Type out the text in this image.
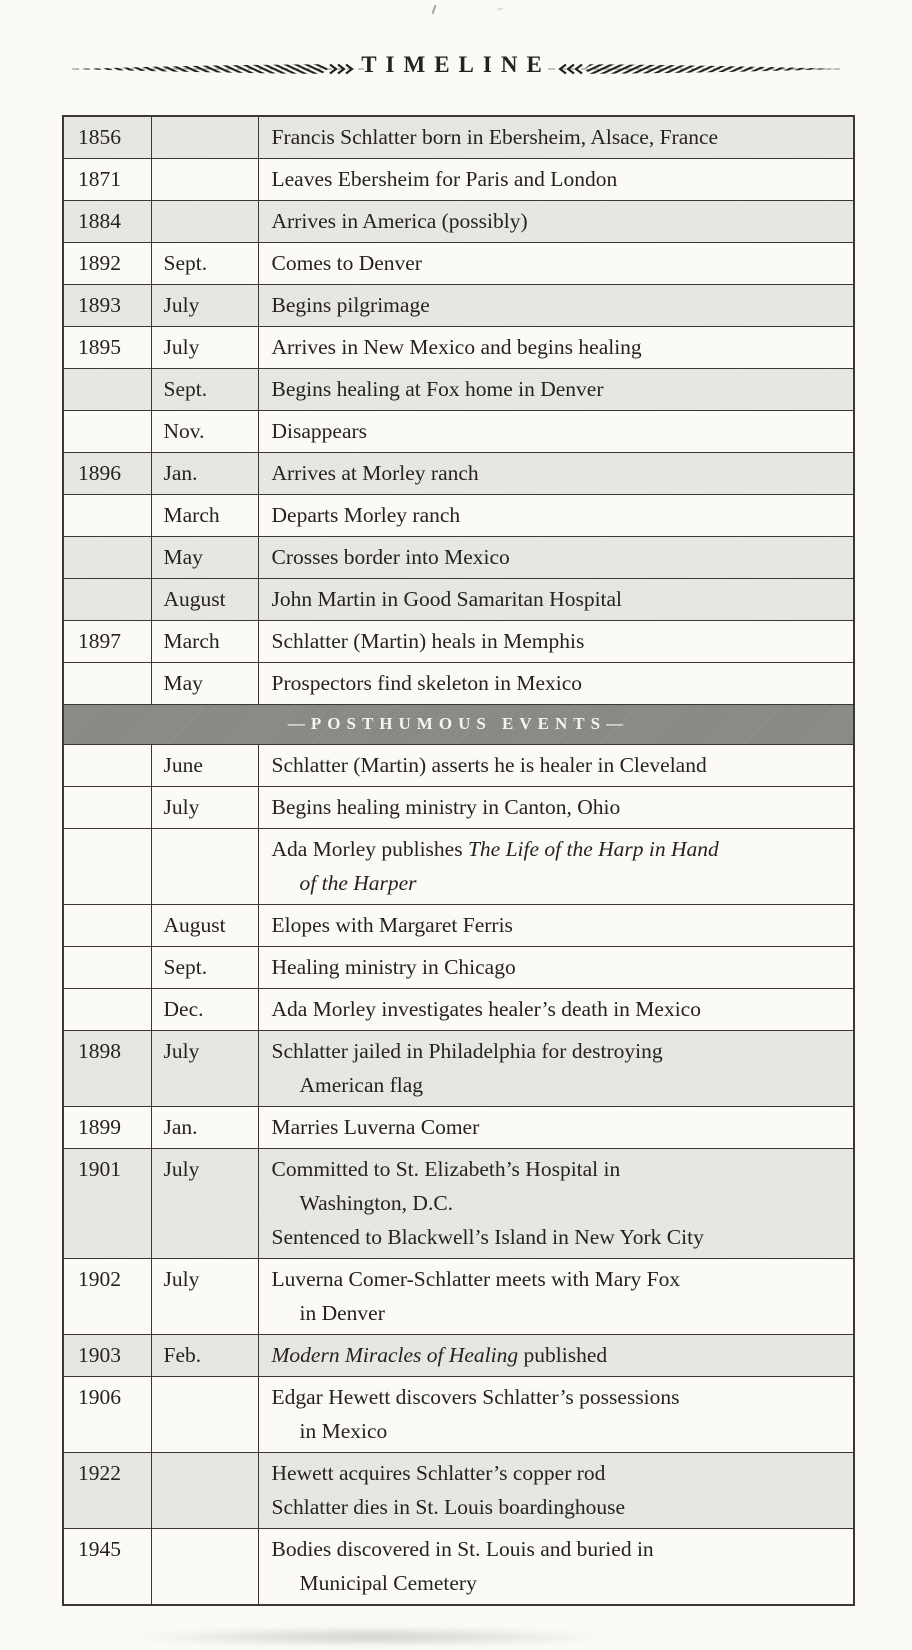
TIMELINE
1856		Francis Schlatter born in Ebersheim, Alsace, France

1871		Leaves Ebersheim for Paris and London

1884		Arrives in America (possibly)

1892	Sept.	Comes to Denver

1893	July	Begins pilgrimage

1895	July	Arrives in New Mexico and begins healing

	Sept.	Begins healing at Fox home in Denver

	Nov.	Disappears

1896	Jan.	Arrives at Morley ranch

	March	Departs Morley ranch

	May	Crosses border into Mexico

	August	John Martin in Good Samaritan Hospital

1897	March	Schlatter (Martin) heals in Memphis

	May	Prospectors find skeleton in Mexico

—POSTHUMOUS EVENTS—		
	June	Schlatter (Martin) asserts he is healer in Cleveland

	July	Begins healing ministry in Canton, Ohio

		Ada Morley publishes The Life of the Harp in Hand
of the Harper

	August	Elopes with Margaret Ferris

	Sept.	Healing ministry in Chicago

	Dec.	Ada Morley investigates healer’s death in Mexico

1898	July	Schlatter jailed in Philadelphia for destroying
American flag

1899	Jan.	Marries Luverna Comer

1901	July	Committed to St. Elizabeth’s Hospital in
Washington, D.C.
Sentenced to Blackwell’s Island in New York City

1902	July	Luverna Comer-Schlatter meets with Mary Fox
in Denver

1903	Feb.	Modern Miracles of Healing published

1906		Edgar Hewett discovers Schlatter’s possessions
in Mexico

1922		Hewett acquires Schlatter’s copper rod
Schlatter dies in St. Louis boardinghouse

1945		Bodies discovered in St. Louis and buried in
Municipal Cemetery
